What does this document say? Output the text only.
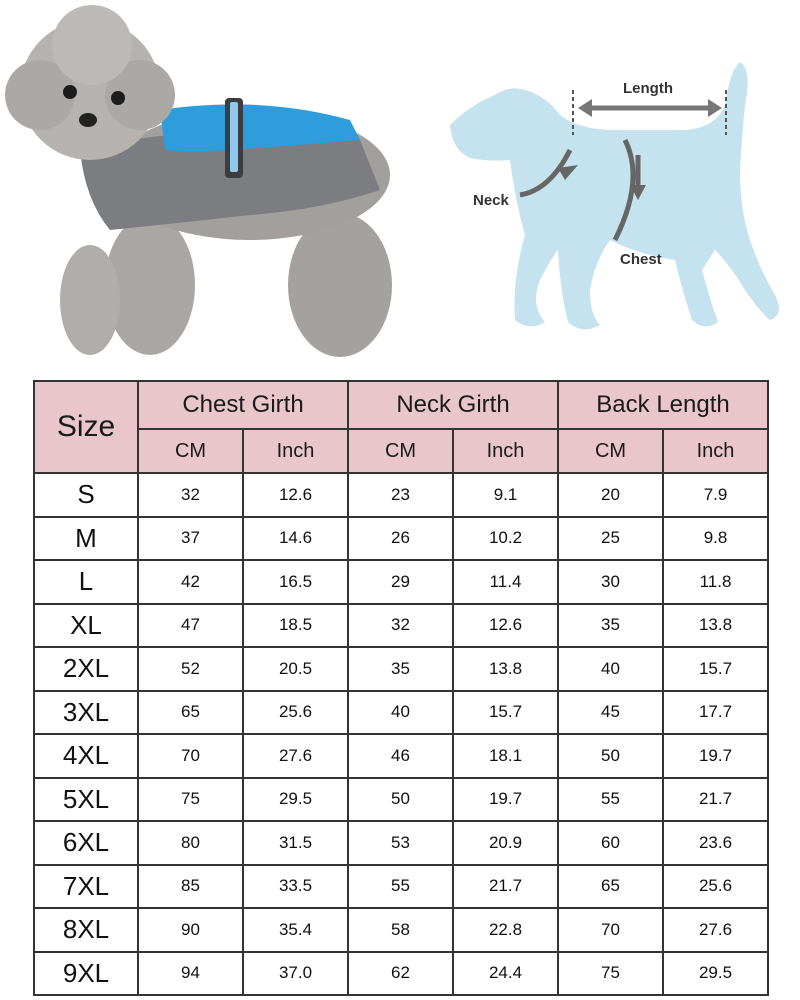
Length
Neck
Chest
Size	Chest Girth		Neck Girth		Back Length	
	CM	Inch	CM	Inch	CM	Inch
S	32	12.6	23	9.1	20	7.9
M	37	14.6	26	10.2	25	9.8
L	42	16.5	29	11.4	30	11.8
XL	47	18.5	32	12.6	35	13.8
2XL	52	20.5	35	13.8	40	15.7
3XL	65	25.6	40	15.7	45	17.7
4XL	70	27.6	46	18.1	50	19.7
5XL	75	29.5	50	19.7	55	21.7
6XL	80	31.5	53	20.9	60	23.6
7XL	85	33.5	55	21.7	65	25.6
8XL	90	35.4	58	22.8	70	27.6
9XL	94	37.0	62	24.4	75	29.5
